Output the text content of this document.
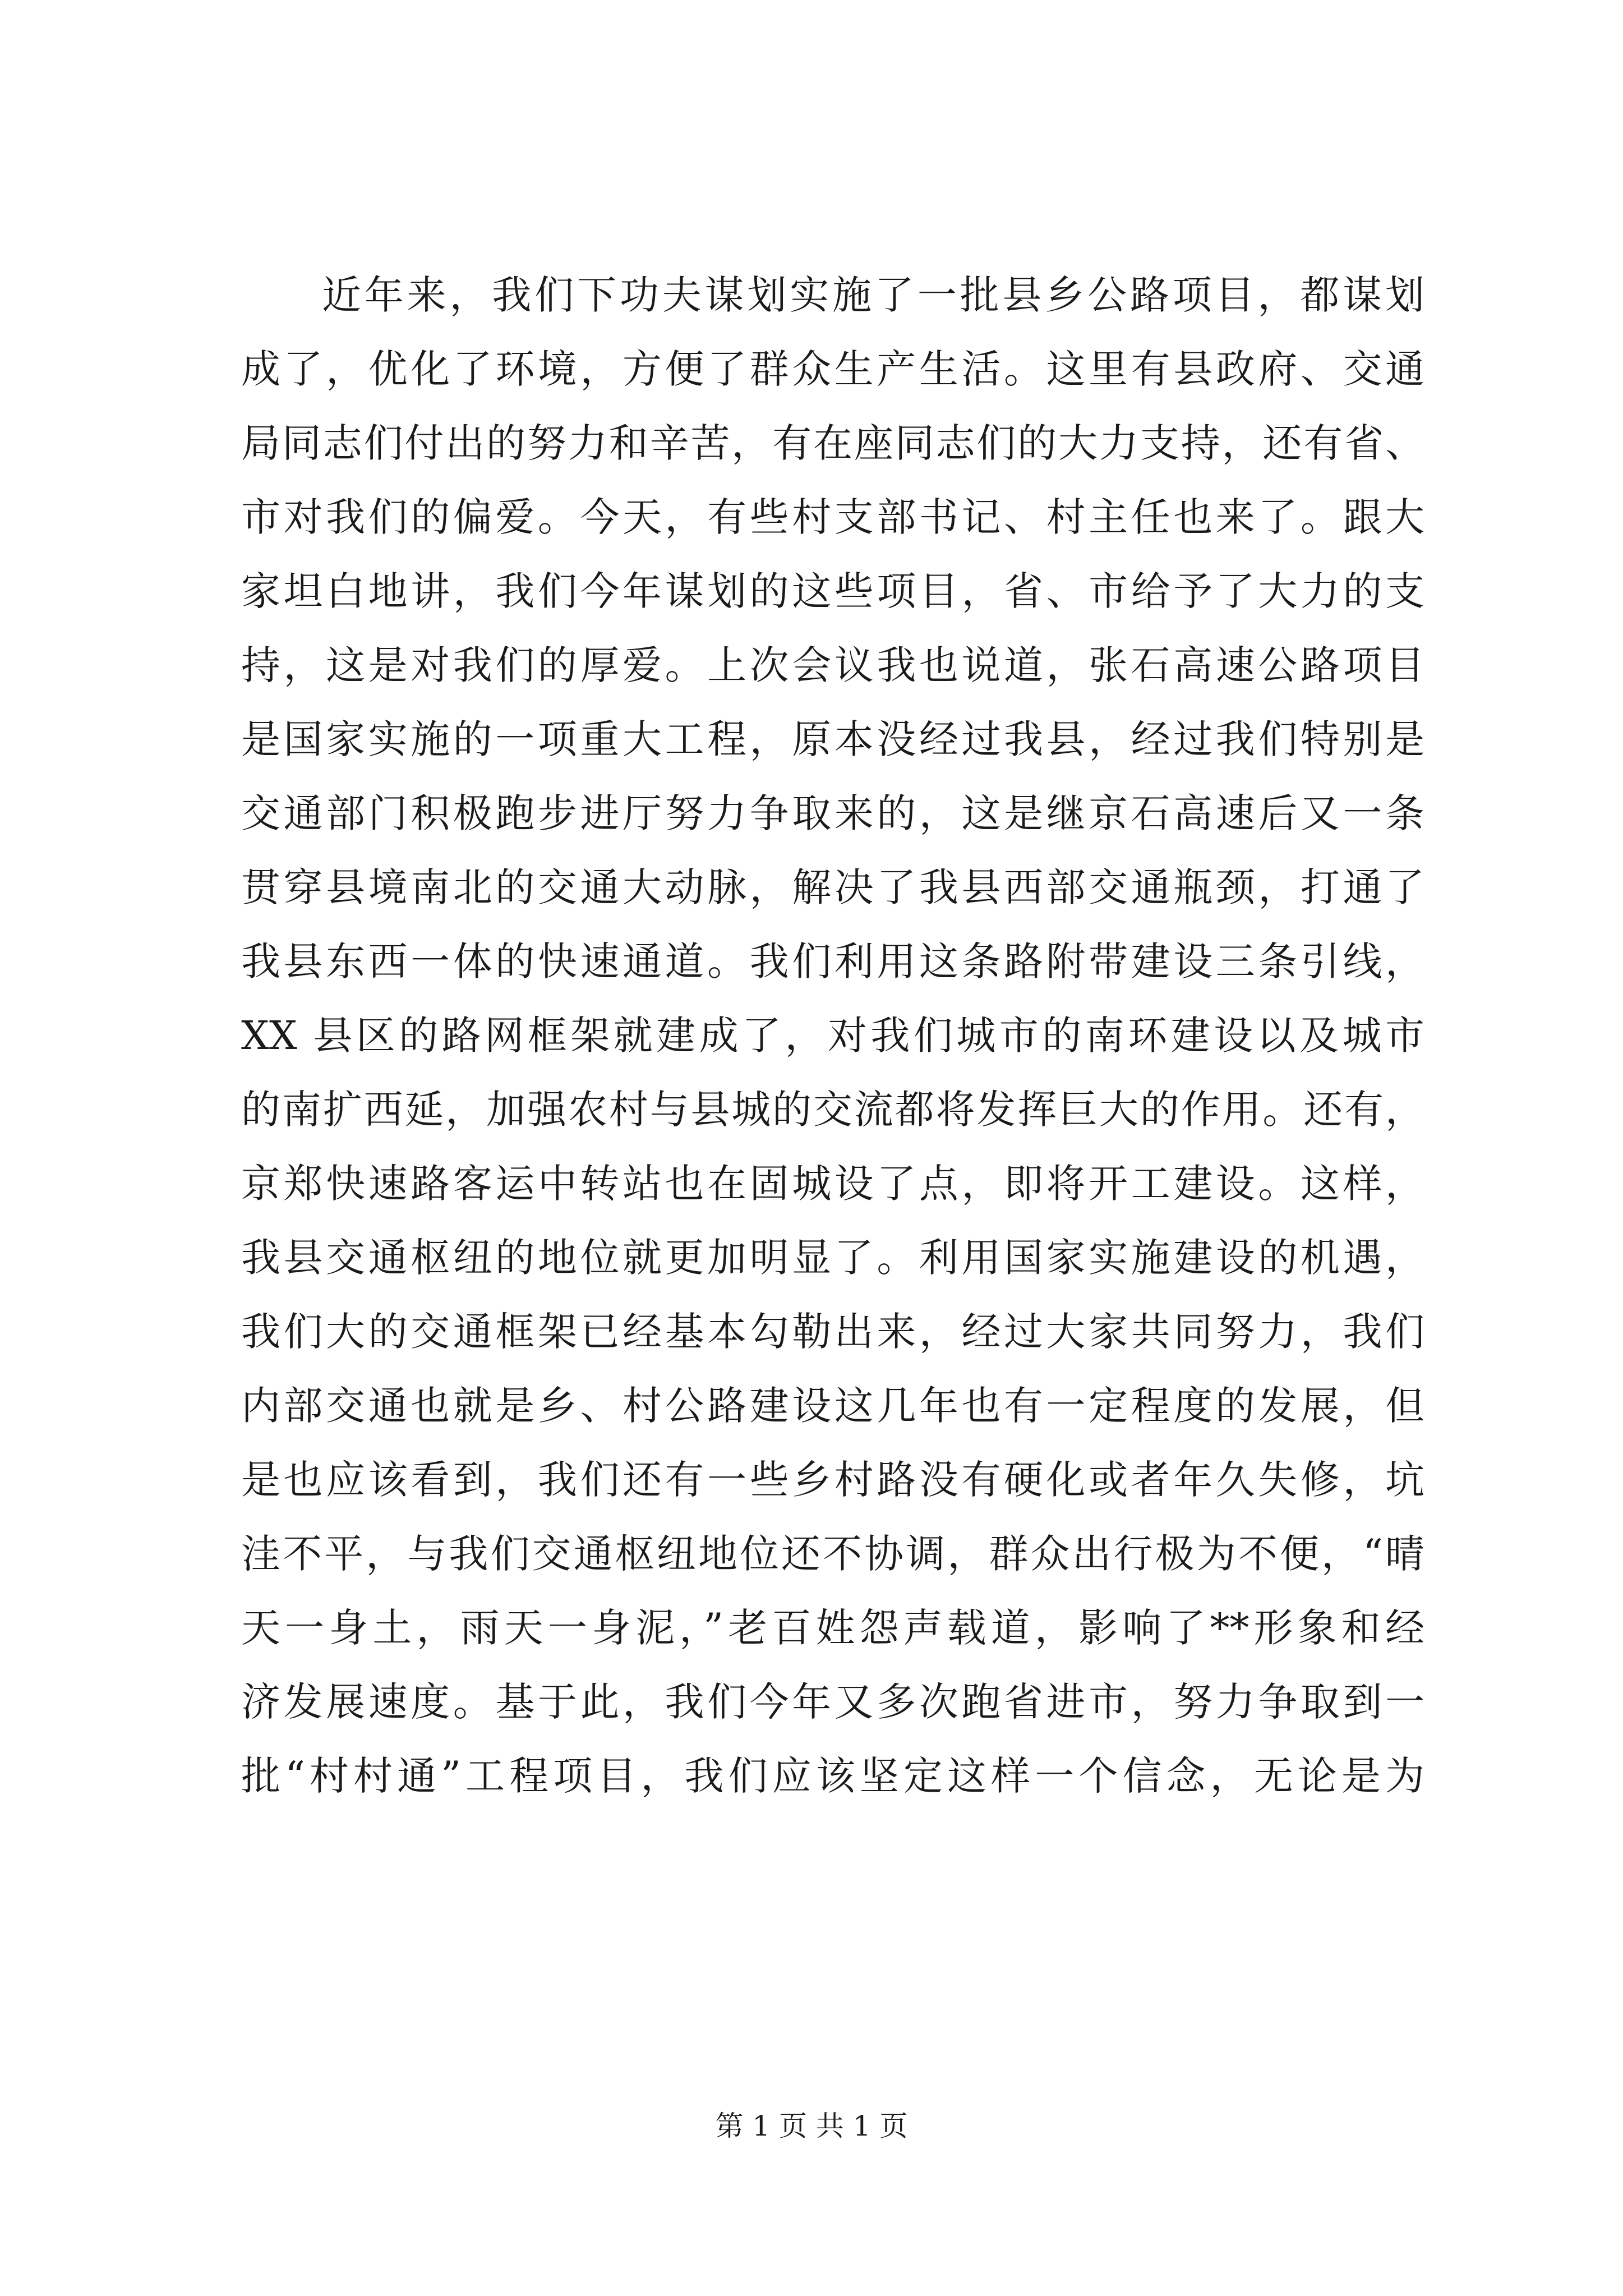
近年来，我们下功夫谋划实施了一批县乡公路项目，都谋划
成了，优化了环境，方便了群众生产生活。这里有县政府、交通
局同志们付出的努力和辛苦，有在座同志们的大力支持，还有省、
市对我们的偏爱。今天，有些村支部书记、村主任也来了。跟大
家坦白地讲，我们今年谋划的这些项目，省、市给予了大力的支
持，这是对我们的厚爱。上次会议我也说道，张石高速公路项目
是国家实施的一项重大工程，原本没经过我县，经过我们特别是
交通部门积极跑步进厅努力争取来的，这是继京石高速后又一条
贯穿县境南北的交通大动脉，解决了我县西部交通瓶颈，打通了
我县东西一体的快速通道。我们利用这条路附带建设三条引线，
XX 县区的路网框架就建成了，对我们城市的南环建设以及城市
的南扩西延，加强农村与县城的交流都将发挥巨大的作用。还有，
京郑快速路客运中转站也在固城设了点，即将开工建设。这样，
我县交通枢纽的地位就更加明显了。利用国家实施建设的机遇，
我们大的交通框架已经基本勾勒出来，经过大家共同努力，我们
内部交通也就是乡、村公路建设这几年也有一定程度的发展，但
是也应该看到，我们还有一些乡村路没有硬化或者年久失修，坑
洼不平，与我们交通枢纽地位还不协调，群众出行极为不便，“晴
天一身土，雨天一身泥，”老百姓怨声载道，影响了**形象和经
济发展速度。基于此，我们今年又多次跑省进市，努力争取到一
批“村村通”工程项目，我们应该坚定这样一个信念，无论是为
第 1 页 共 1 页
